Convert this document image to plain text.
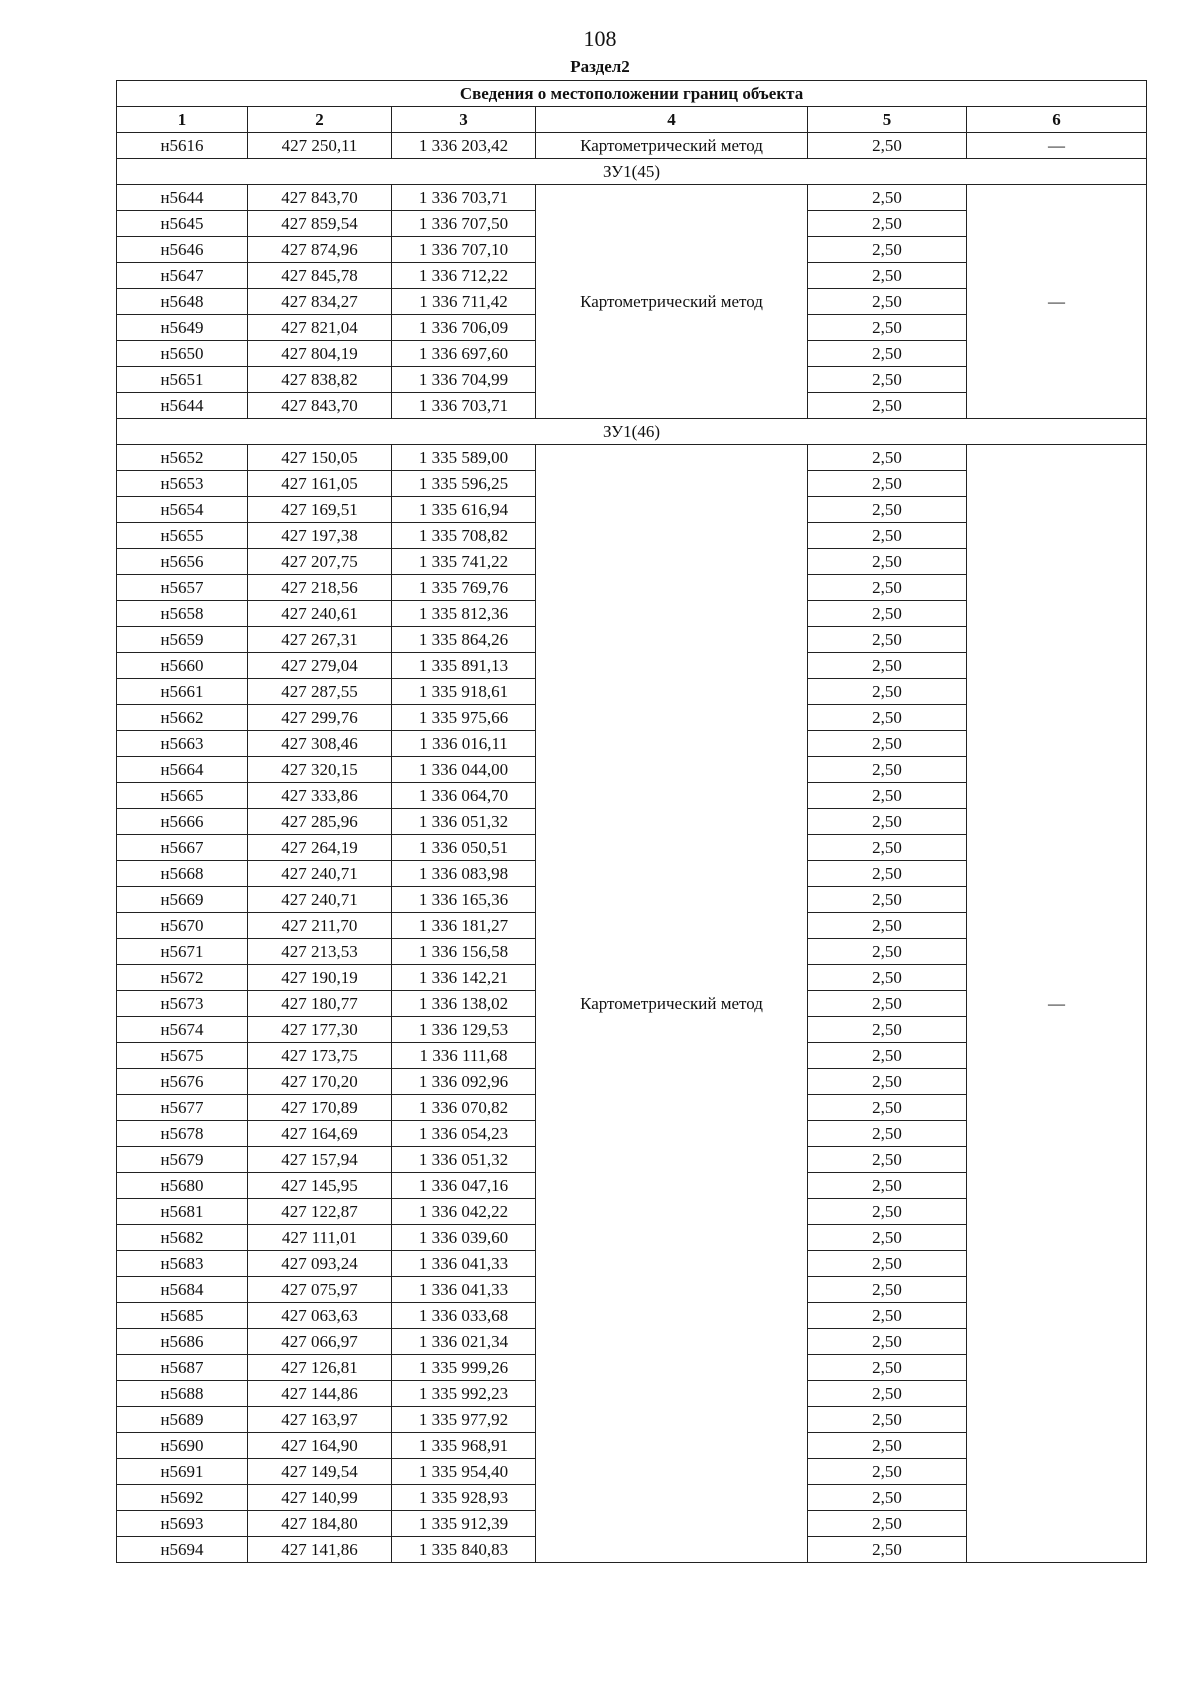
108
Раздел2
Сведения о местоположении границ объекта					
1	2	3	4	5	6
н5616	427 250,11	1 336 203,42	Картометрический метод	2,50	—
ЗУ1(45)					
н5644	427 843,70	1 336 703,71	Картометрический метод	2,50	—
н5645	427 859,54	1 336 707,50		2,50	
н5646	427 874,96	1 336 707,10		2,50	
н5647	427 845,78	1 336 712,22		2,50	
н5648	427 834,27	1 336 711,42		2,50	
н5649	427 821,04	1 336 706,09		2,50	
н5650	427 804,19	1 336 697,60		2,50	
н5651	427 838,82	1 336 704,99		2,50	
н5644	427 843,70	1 336 703,71		2,50	
ЗУ1(46)					
н5652	427 150,05	1 335 589,00	Картометрический метод	2,50	—
н5653	427 161,05	1 335 596,25		2,50	
н5654	427 169,51	1 335 616,94		2,50	
н5655	427 197,38	1 335 708,82		2,50	
н5656	427 207,75	1 335 741,22		2,50	
н5657	427 218,56	1 335 769,76		2,50	
н5658	427 240,61	1 335 812,36		2,50	
н5659	427 267,31	1 335 864,26		2,50	
н5660	427 279,04	1 335 891,13		2,50	
н5661	427 287,55	1 335 918,61		2,50	
н5662	427 299,76	1 335 975,66		2,50	
н5663	427 308,46	1 336 016,11		2,50	
н5664	427 320,15	1 336 044,00		2,50	
н5665	427 333,86	1 336 064,70		2,50	
н5666	427 285,96	1 336 051,32		2,50	
н5667	427 264,19	1 336 050,51		2,50	
н5668	427 240,71	1 336 083,98		2,50	
н5669	427 240,71	1 336 165,36		2,50	
н5670	427 211,70	1 336 181,27		2,50	
н5671	427 213,53	1 336 156,58		2,50	
н5672	427 190,19	1 336 142,21		2,50	
н5673	427 180,77	1 336 138,02		2,50	
н5674	427 177,30	1 336 129,53		2,50	
н5675	427 173,75	1 336 111,68		2,50	
н5676	427 170,20	1 336 092,96		2,50	
н5677	427 170,89	1 336 070,82		2,50	
н5678	427 164,69	1 336 054,23		2,50	
н5679	427 157,94	1 336 051,32		2,50	
н5680	427 145,95	1 336 047,16		2,50	
н5681	427 122,87	1 336 042,22		2,50	
н5682	427 111,01	1 336 039,60		2,50	
н5683	427 093,24	1 336 041,33		2,50	
н5684	427 075,97	1 336 041,33		2,50	
н5685	427 063,63	1 336 033,68		2,50	
н5686	427 066,97	1 336 021,34		2,50	
н5687	427 126,81	1 335 999,26		2,50	
н5688	427 144,86	1 335 992,23		2,50	
н5689	427 163,97	1 335 977,92		2,50	
н5690	427 164,90	1 335 968,91		2,50	
н5691	427 149,54	1 335 954,40		2,50	
н5692	427 140,99	1 335 928,93		2,50	
н5693	427 184,80	1 335 912,39		2,50	
н5694	427 141,86	1 335 840,83		2,50	
